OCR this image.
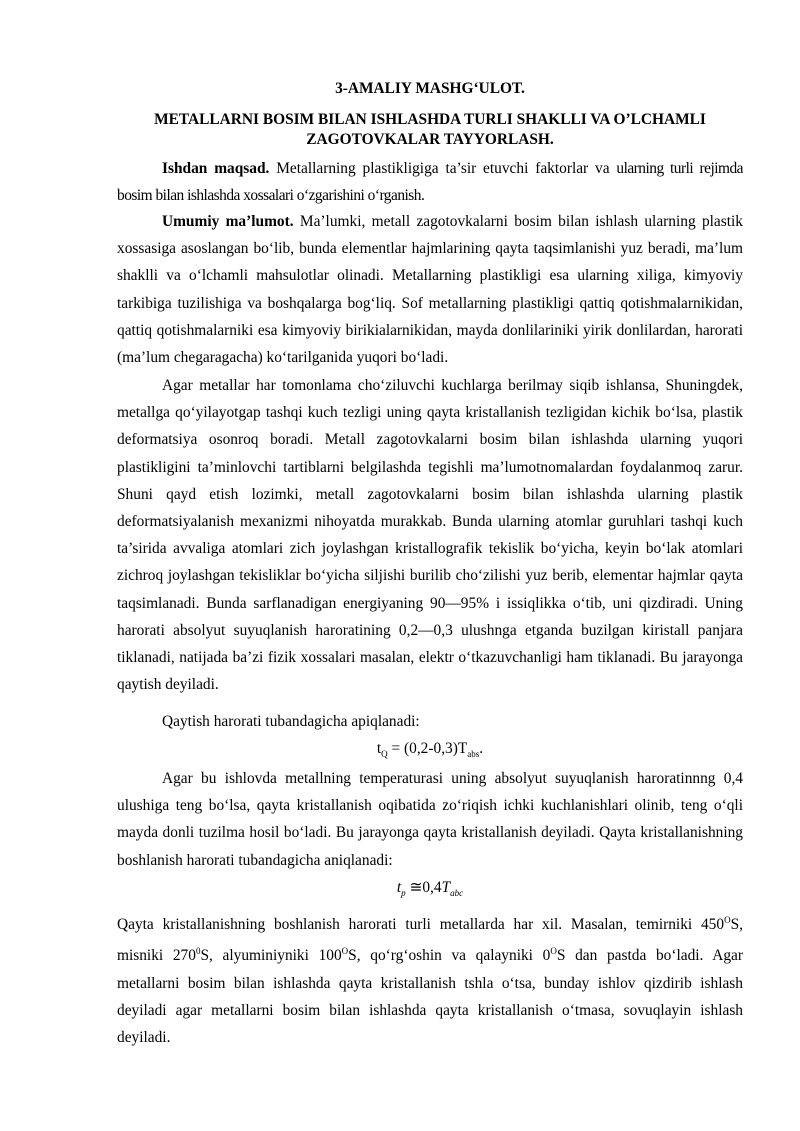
3-AMALIY MASHG‘ULOT.
METALLARNI BOSIM BILAN ISHLASHDA TURLI SHAKLLI VA O’LCHAMLI ZAGOTOVKALAR TAYYORLASH.

Ishdan maqsad. Metallarning plastikligiga ta’sir etuvchi faktorlar va ularning turli rejimda bosim bilan ishlashda xossalari o‘zgarishini o‘rganish.

Umumiy ma’lumot. Ma’lumki, metall zagotovkalarni bosim bilan ishlash ularning plastik xossasiga asoslangan bo‘lib, bunda elementlar hajmlarining qayta taqsimlanishi yuz beradi, ma’lum shaklli va o‘lchamli mahsulotlar olinadi. Metallarning plastikligi esa ularning xiliga, kimyoviy tarkibiga tuzilishiga va boshqalarga bog‘liq. Sof metallarning plastikligi qattiq qotishmalarnikidan, qattiq qotishmalarniki esa kimyoviy birikialarnikidan, mayda donlilariniki yirik donlilardan, harorati (ma’lum chegaragacha) ko‘tarilganida yuqori bo‘ladi.

Agar metallar har tomonlama cho‘ziluvchi kuchlarga berilmay siqib ishlansa, Shuningdek, metallga qo‘yilayotgap tashqi kuch tezligi uning qayta kristallanish tezligidan kichik bo‘lsa, plastik deformatsiya osonroq boradi. Metall zagotovkalarni bosim bilan ishlashda ularning yuqori plastikligini ta’minlovchi tartiblarni belgilashda tegishli ma’lumotnomalardan foydalanmoq zarur. Shuni qayd etish lozimki, metall zagotovkalarni bosim bilan ishlashda ularning plastik deformatsiyalanish mexanizmi nihoyatda murakkab. Bunda ularning atomlar guruhlari tashqi kuch ta’sirida avvaliga atomlari zich joylashgan kristallografik tekislik bo‘yicha, keyin bo‘lak atomlari zichroq joylashgan tekisliklar bo‘yicha siljishi burilib cho‘zilishi yuz berib, elementar hajmlar qayta taqsimlanadi. Bunda sarflanadigan energiyaning 90—95% i issiqlikka o‘tib, uni qizdiradi. Uning harorati absolyut suyuqlanish haroratining 0,2—0,3 ulushnga etganda buzilgan kiristall panjara tiklanadi, natijada ba’zi fizik xossalari masalan, elektr o‘tkazuvchanligi ham tiklanadi. Bu jarayonga qaytish deyiladi.

Qaytish harorati tubandagicha apiqlanadi:

$t_Q = (0,2-0,3)T_{abs}$.

Agar bu ishlovda metallning temperaturasi uning absolyut suyuqlanish haroratinnng 0,4 ulushiga teng bo‘lsa, qayta kristallanish oqibatida zo‘riqish ichki kuchlanishlari olinib, teng o‘qli mayda donli tuzilma hosil bo‘ladi. Bu jarayonga qayta kristallanish deyiladi. Qayta kristallanishning boshlanish harorati tubandagicha aniqlanadi:

$t_p$ $≅0,4T_{abc}$

Qayta kristallanishning boshlanish harorati turli metallarda har xil. Masalan, temirniki $450^OS$, misniki $270^0S$, alyuminiyniki $100^OS$, qo‘rg‘oshin va qalayniki $0^OS$ dan pastda bo‘ladi. Agar metallarni bosim bilan ishlashda qayta kristallanish tshla o‘tsa, bunday ishlov qizdirib ishlash deyiladi agar metallarni bosim bilan ishlashda qayta kristallanish o‘tmasa, sovuqlayin ishlash deyiladi.
